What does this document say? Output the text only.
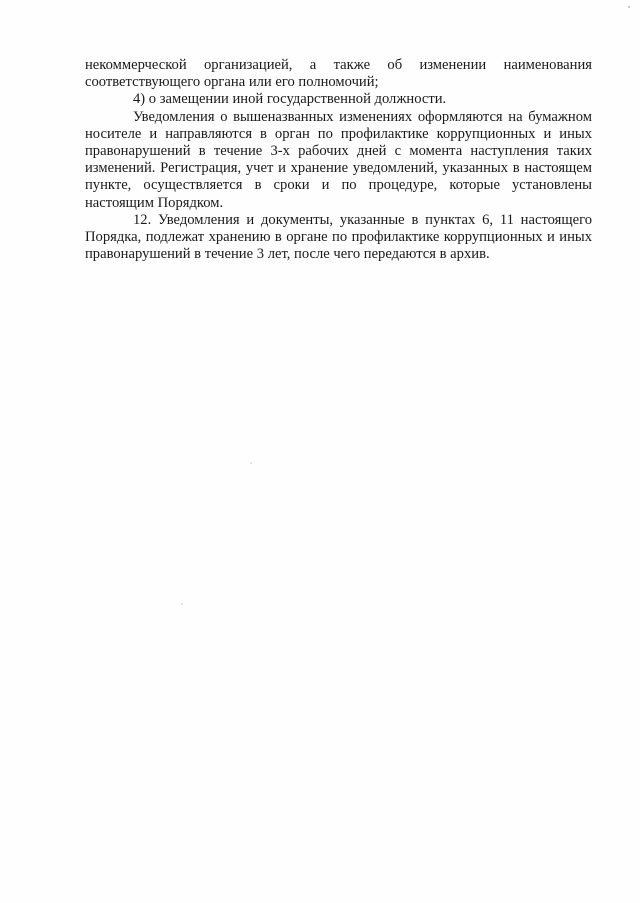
некоммерческой организацией, а также об изменении наименования соответствующего органа или его полномочий;

4) о замещении иной государственной должности.

Уведомления о вышеназванных изменениях оформляются на бумажном носителе и направляются в орган по профилактике коррупционных и иных правонарушений в течение 3-х рабочих дней с момента наступления таких изменений. Регистрация, учет и хранение уведомлений, указанных в настоящем пункте, осуществляется в сроки и по процедуре, которые установлены настоящим Порядком.

12. Уведомления и документы, указанные в пунктах 6, 11 настоящего Порядка, подлежат хранению в органе по профилактике коррупционных и иных правонарушений в течение 3 лет, после чего передаются в архив.
